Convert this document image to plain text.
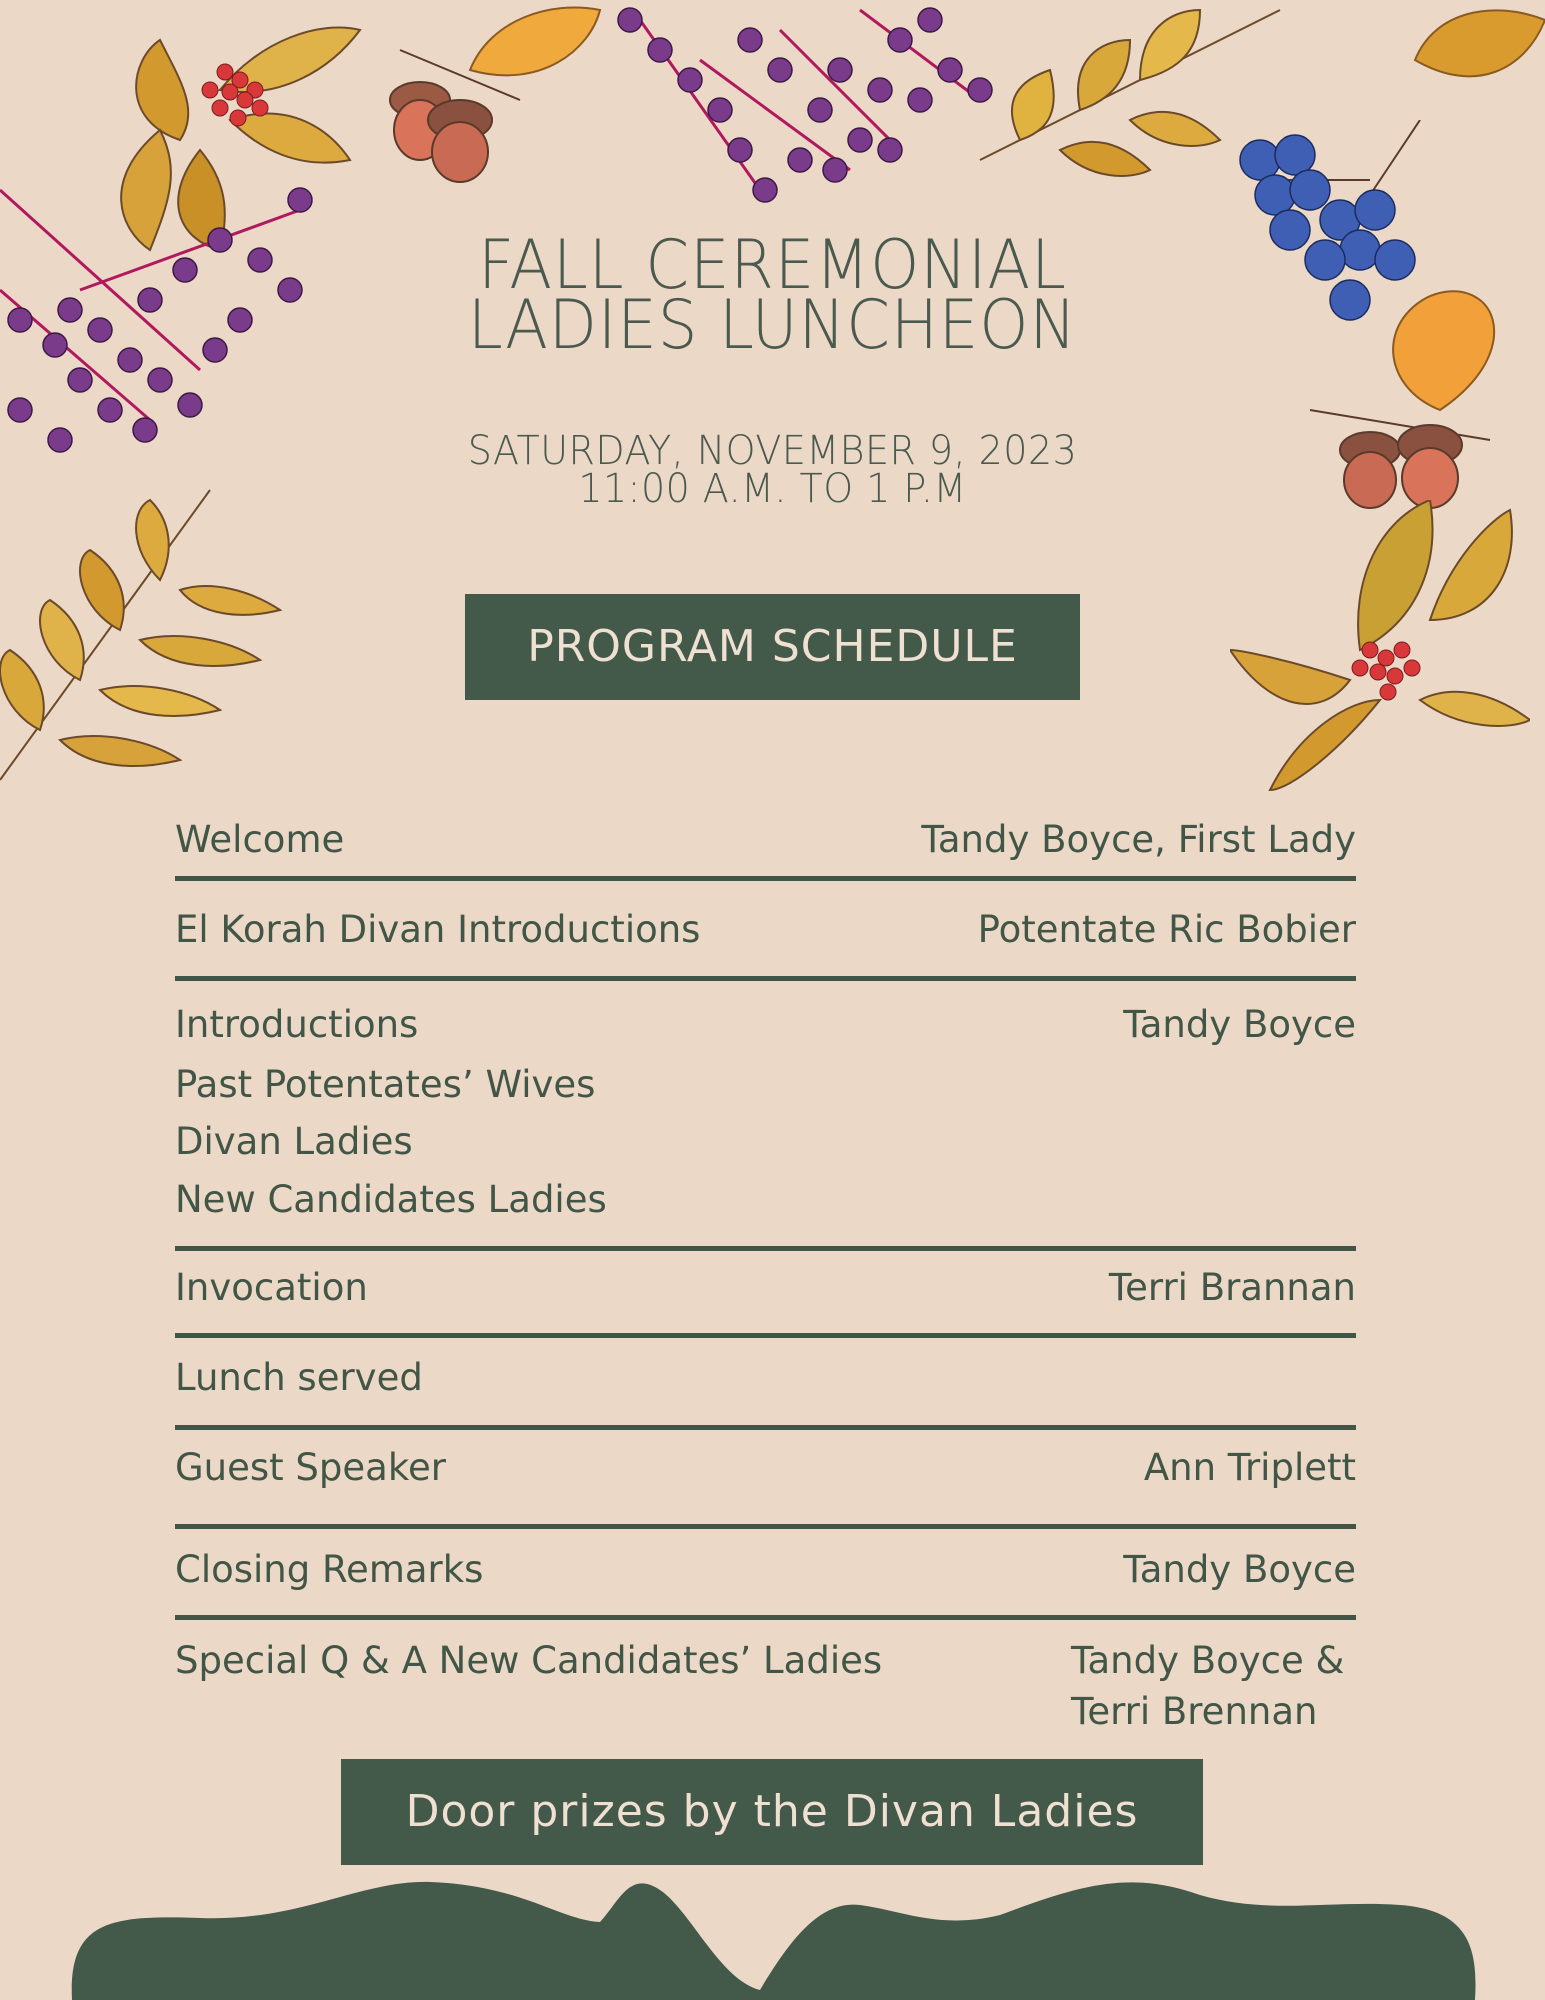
FALL CEREMONIAL
LADIES LUNCHEON
SATURDAY, NOVEMBER 9, 2023
11:00 A.M. TO 1 P.M
PROGRAM SCHEDULE
Welcome	Tandy Boyce, First Lady
El Korah Divan Introductions	Potentate Ric Bobier
Introductions	Tandy Boyce
Past Potentates’ Wives
Divan Ladies
New Candidates Ladies
Invocation	Terri Brannan
Lunch served
Guest Speaker	Ann Triplett
Closing Remarks	Tandy Boyce
Special Q & A New Candidates’ Ladies	Tandy Boyce &
Terri Brennan
Door prizes by the Divan Ladies
